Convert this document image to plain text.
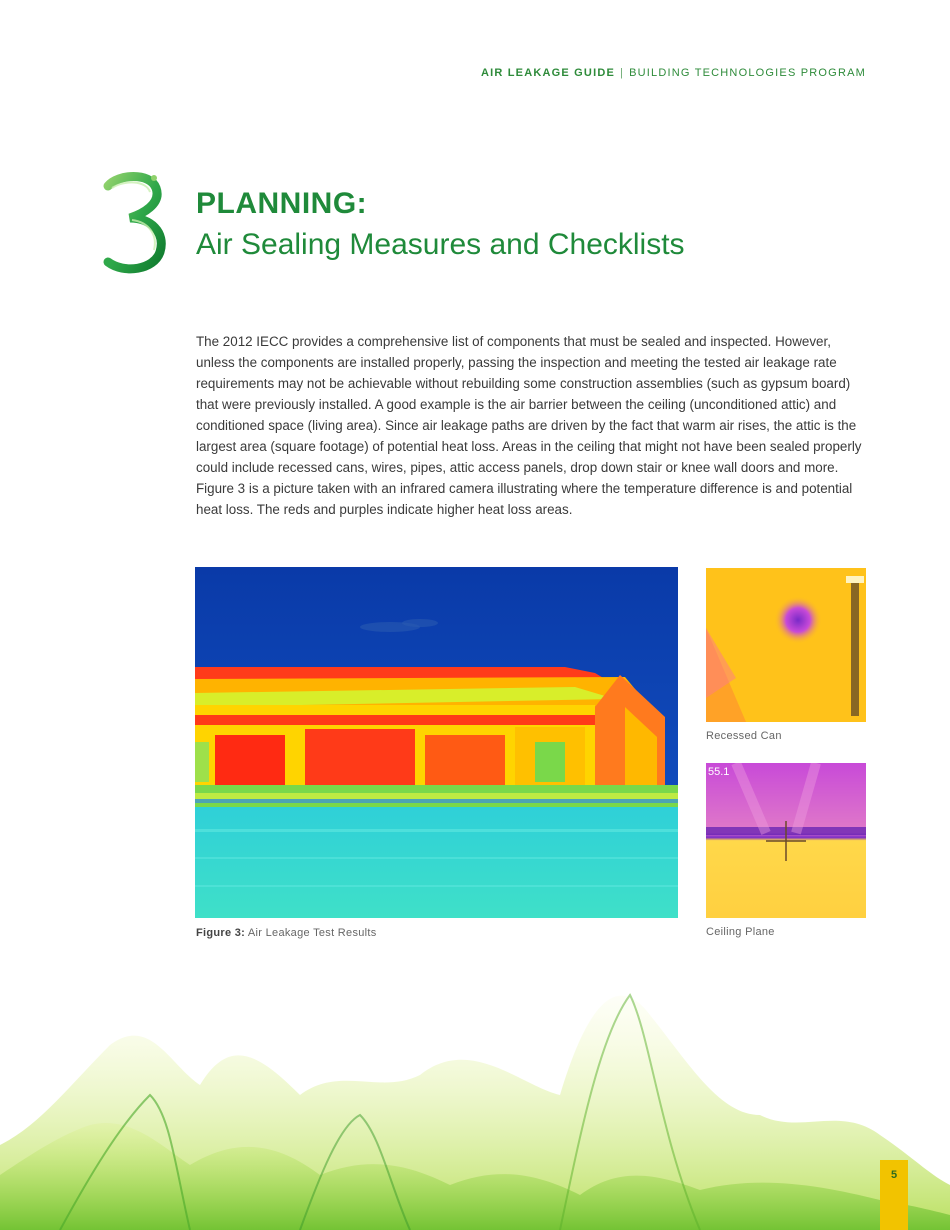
AIR LEAKAGE GUIDE | BUILDING TECHNOLOGIES PROGRAM
3
PLANNING:
Air Sealing Measures and Checklists

The 2012 IECC provides a comprehensive list of components that must be sealed and inspected. However, unless the components are installed properly, passing the inspection and meeting the tested air leakage rate requirements may not be achievable without rebuilding some construction assemblies (such as gypsum board) that were previously installed. A good example is the air barrier between the ceiling (unconditioned attic) and conditioned space (living area). Since air leakage paths are driven by the fact that warm air rises, the attic is the largest area (square footage) of potential heat loss. Areas in the ceiling that might not have been sealed properly could include recessed cans, wires, pipes, attic access panels, drop down stair or knee wall doors and more. Figure 3 is a picture taken with an infrared camera illustrating where the temperature difference is and potential heat loss. The reds and purples indicate higher heat loss areas.

Figure 3: Air Leakage Test Results
Recessed Can
55.1
Ceiling Plane
5
